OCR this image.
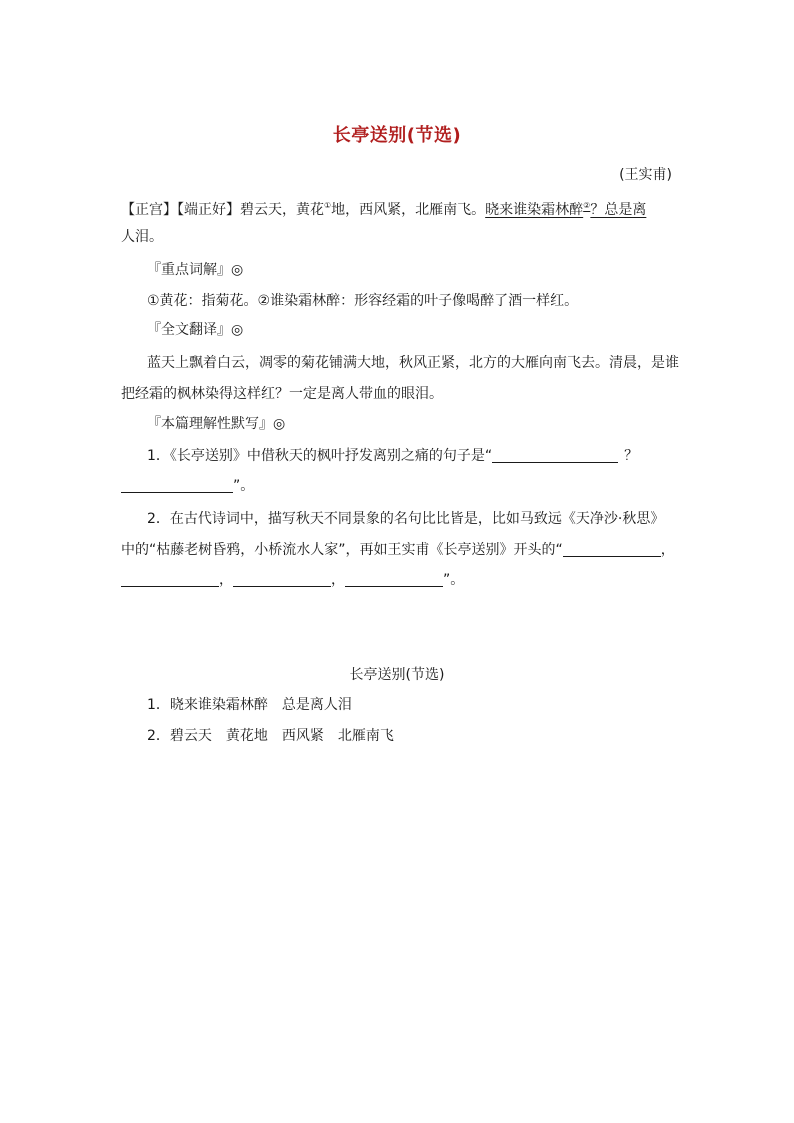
长亭送别(节选)
(王实甫)
【正宫】【端正好】碧云天，黄花①地，西风紧，北雁南飞。晓来谁染霜林醉②？总是离
人泪。
『重点词解』◎
①黄花：指菊花。②谁染霜林醉：形容经霜的叶子像喝醉了酒一样红。
『全文翻译』◎
蓝天上飘着白云，凋零的菊花铺满大地，秋风正紧，北方的大雁向南飞去。清晨，是谁
把经霜的枫林染得这样红？一定是离人带血的眼泪。
『本篇理解性默写』◎
1．《长亭送别》中借秋天的枫叶抒发离别之痛的句子是“	？
”。
2．在古代诗词中，描写秋天不同景象的名句比比皆是，比如马致远《天净沙·秋思》
中的“枯藤老树昏鸦，小桥流水人家”，再如王实甫《长亭送别》开头的“	，
，	，	”。
长亭送别(节选)
1．晓来谁染霜林醉　总是离人泪
2．碧云天　黄花地　西风紧　北雁南飞
